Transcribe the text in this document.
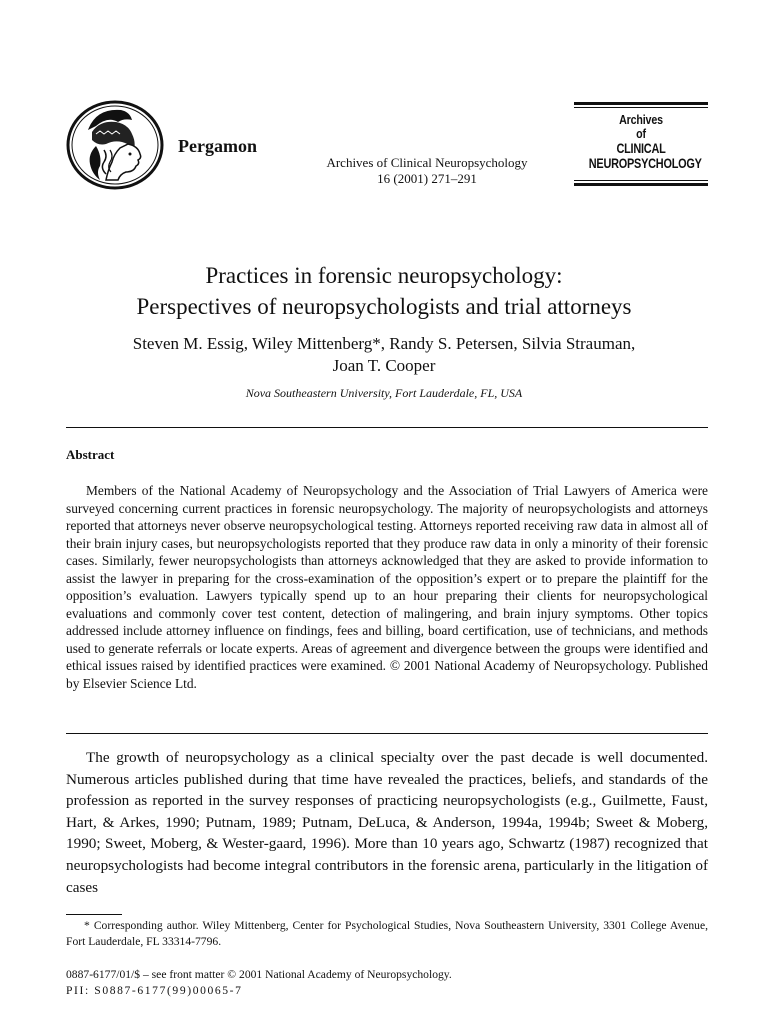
Pergamon
Archives of Clinical Neuropsychology
16 (2001) 271–291
Archives
of
CLINICAL
NEUROPSYCHOLOGY
Practices in forensic neuropsychology:
Perspectives of neuropsychologists and trial attorneys
Steven M. Essig, Wiley Mittenberg*, Randy S. Petersen, Silvia Strauman,
Joan T. Cooper
Nova Southeastern University, Fort Lauderdale, FL, USA
Abstract
Members of the National Academy of Neuropsychology and the Association of Trial Lawyers of America were surveyed concerning current practices in forensic neuropsychology. The majority of neuropsychologists and attorneys reported that attorneys never observe neuropsychological testing. Attorneys reported receiving raw data in almost all of their brain injury cases, but neuropsychologists reported that they produce raw data in only a minority of their forensic cases. Similarly, fewer neuropsychologists than attorneys acknowledged that they are asked to provide information to assist the lawyer in preparing for the cross-examination of the opposition’s expert or to prepare the plaintiff for the opposition’s evaluation. Lawyers typically spend up to an hour preparing their clients for neuropsychological evaluations and commonly cover test content, detection of malingering, and brain injury symptoms. Other topics addressed include attorney influence on findings, fees and billing, board certification, use of technicians, and methods used to generate referrals or locate experts. Areas of agreement and divergence between the groups were identified and ethical issues raised by identified practices were examined. © 2001 National Academy of Neuropsychology. Published by Elsevier Science Ltd.
The growth of neuropsychology as a clinical specialty over the past decade is well documented. Numerous articles published during that time have revealed the practices, beliefs, and standards of the profession as reported in the survey responses of practicing neuropsychologists (e.g., Guilmette, Faust, Hart, & Arkes, 1990; Putnam, 1989; Putnam, DeLuca, & Anderson, 1994a, 1994b; Sweet & Moberg, 1990; Sweet, Moberg, & Wester-gaard, 1996). More than 10 years ago, Schwartz (1987) recognized that neuropsychologists had become integral contributors in the forensic arena, particularly in the litigation of cases
* Corresponding author. Wiley Mittenberg, Center for Psychological Studies, Nova Southeastern University, 3301 College Avenue, Fort Lauderdale, FL 33314-7796.
0887-6177/01/$ – see front matter © 2001 National Academy of Neuropsychology.
PII: S0887-6177(99)00065-7
